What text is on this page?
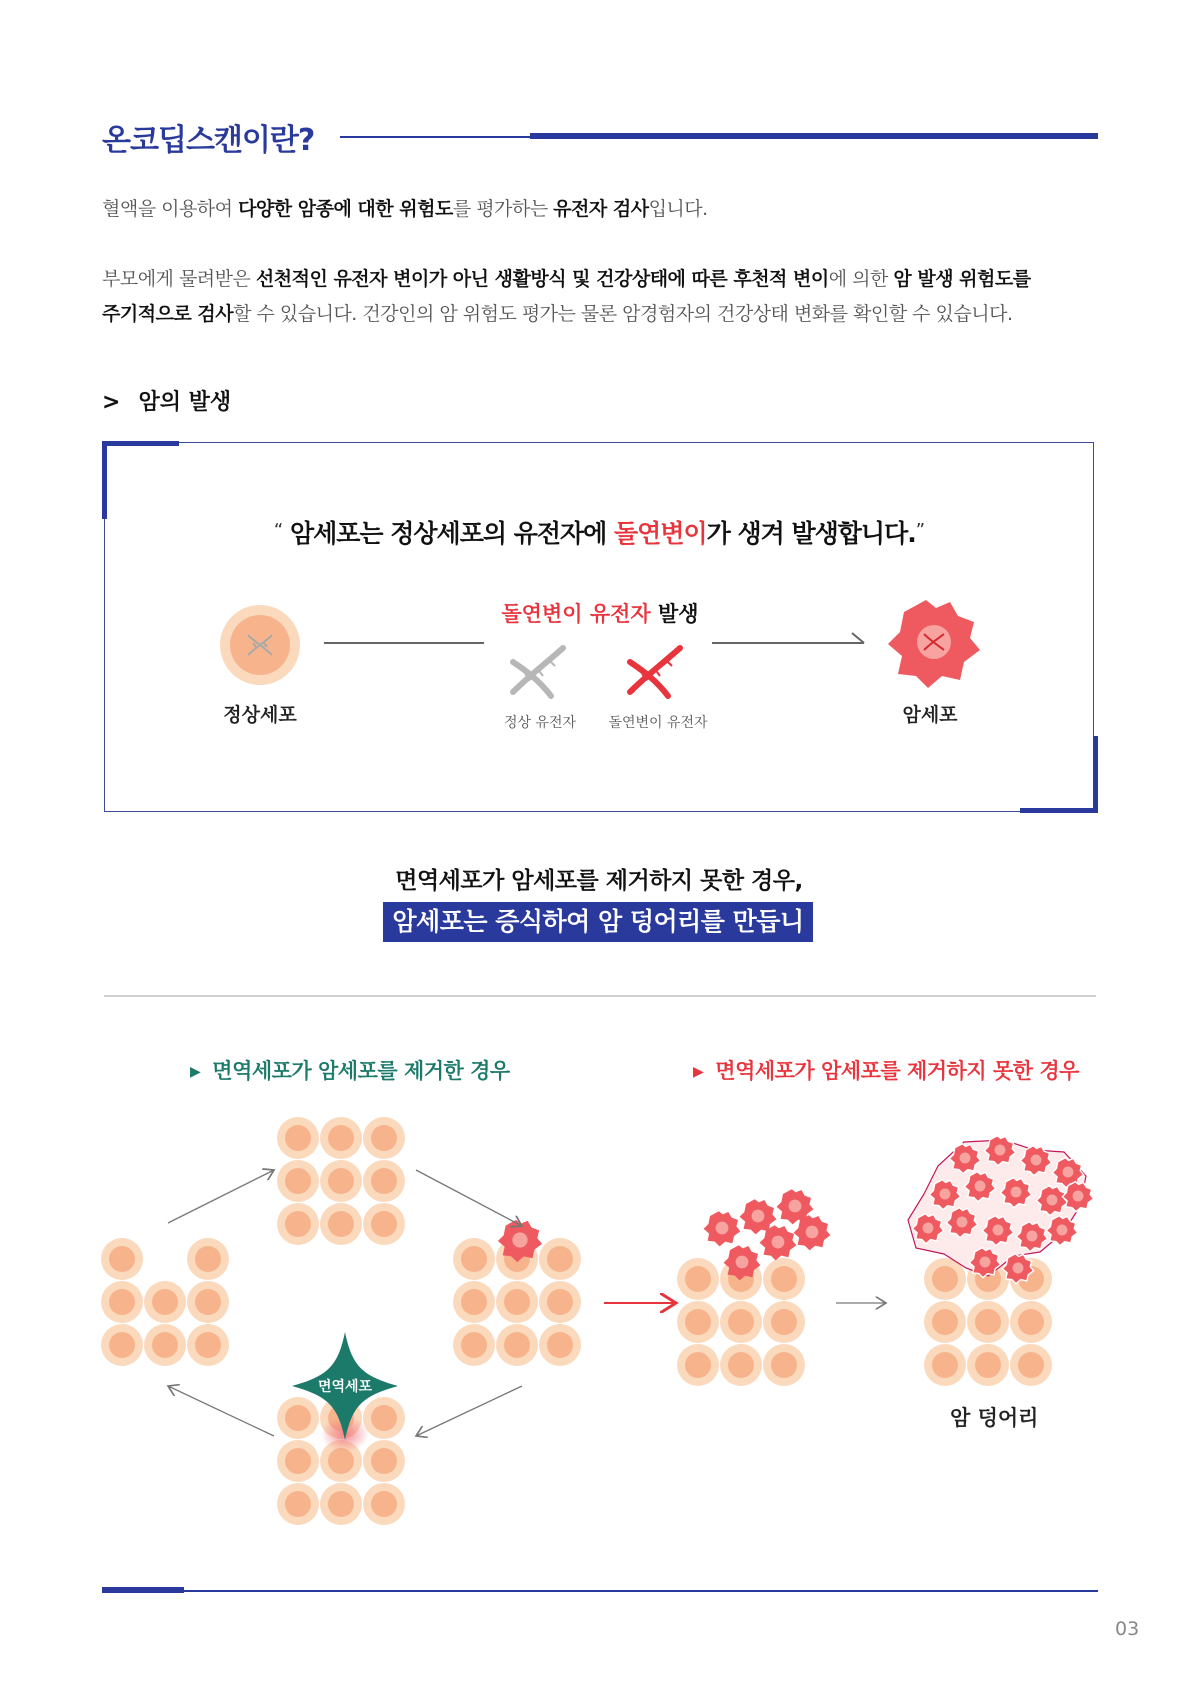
온코딥스캔이란?
혈액을 이용하여 다양한 암종에 대한 위험도를 평가하는 유전자 검사입니다.
부모에게 물려받은 선천적인 유전자 변이가 아닌 생활방식 및 건강상태에 따른 후천적 변이에 의한 암 발생 위험도를
주기적으로 검사할 수 있습니다. 건강인의 암 위험도 평가는 물론 암경험자의 건강상태 변화를 확인할 수 있습니다.
> 암의 발생
“ 암세포는 정상세포의 유전자에 돌연변이가 생겨 발생합니다.”
돌연변이 유전자 발생
정상세포	정상 유전자	돌연변이 유전자	암세포
면역세포가 암세포를 제거하지 못한 경우,
암세포는 증식하여 암 덩어리를 만듭니다.
▶ 면역세포가 암세포를 제거한 경우	▶ 면역세포가 암세포를 제거하지 못한 경우
면역세포
암 덩어리
03
